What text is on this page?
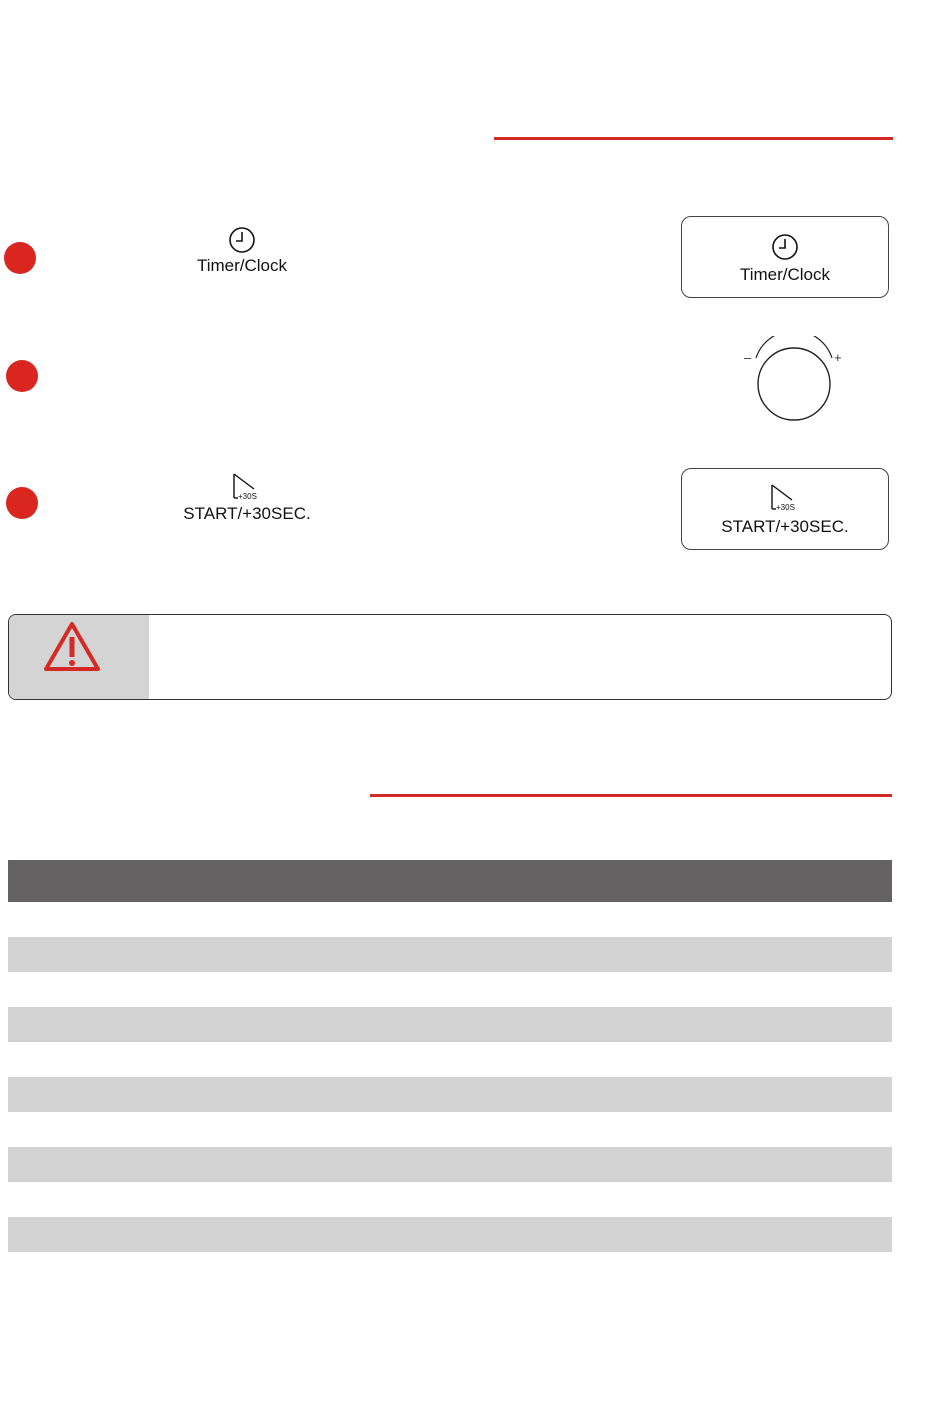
Timer/Clock	Timer/Clock
–	+
+30S
START/+30SEC.	+30S
START/+30SEC.
